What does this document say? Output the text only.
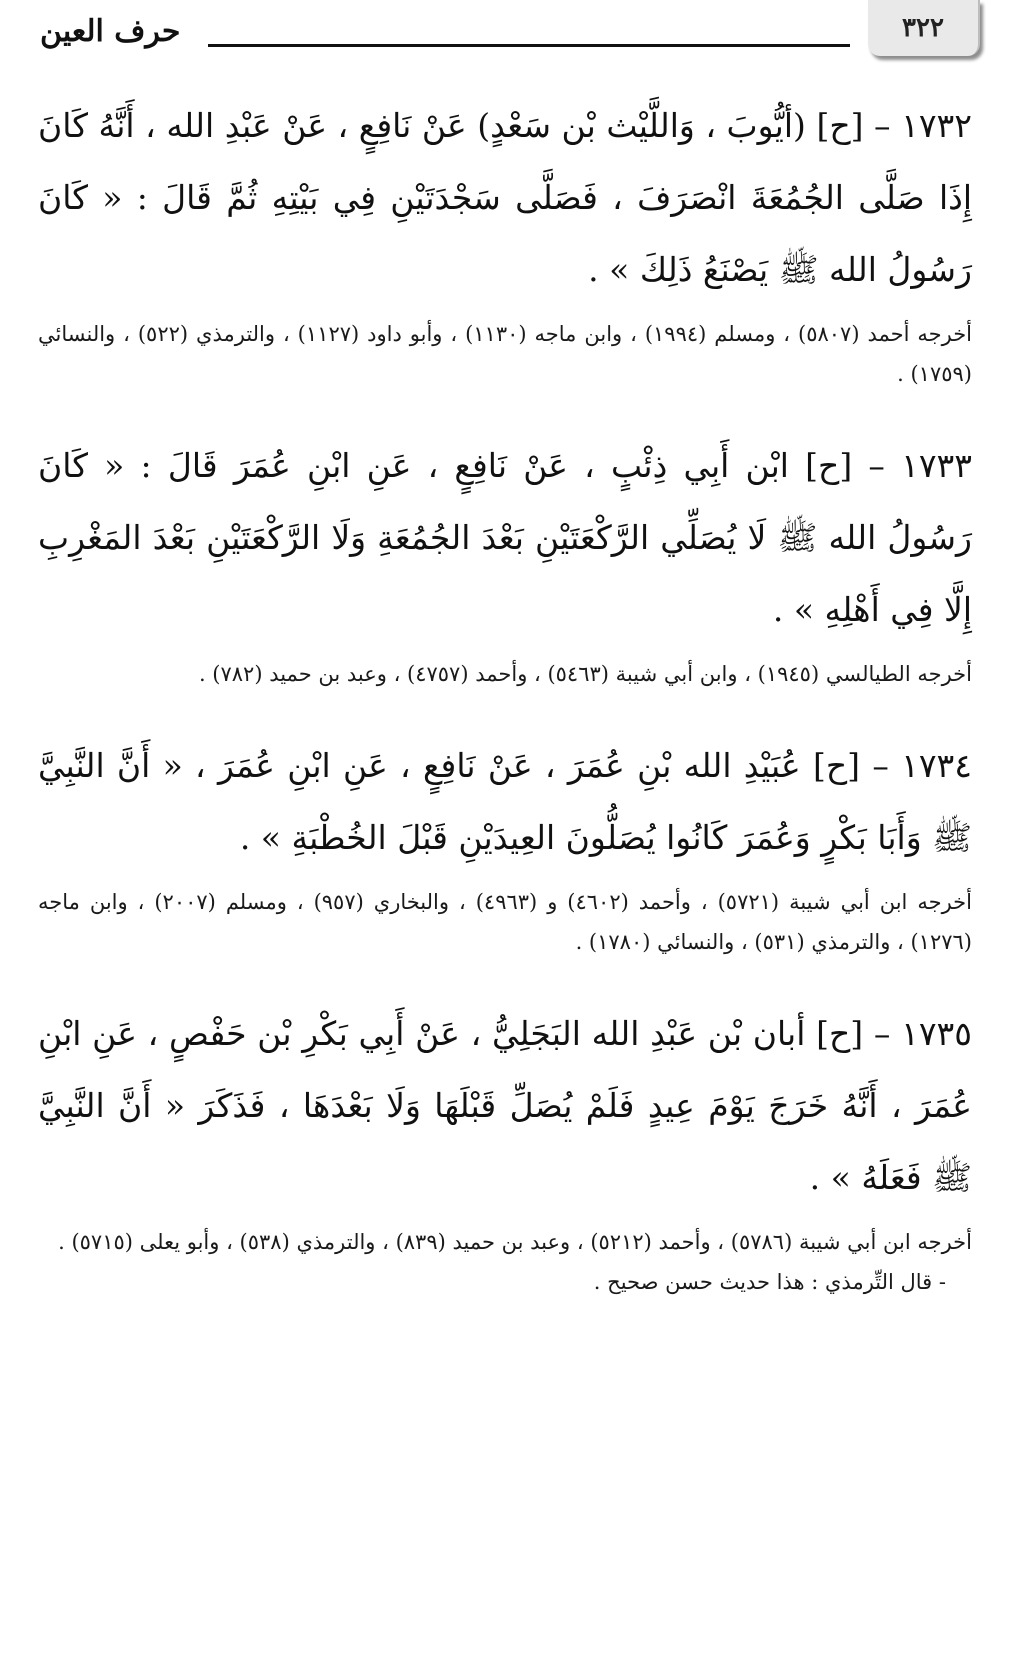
٣٢٢
حرف العين

١٧٣٢ – [ح] (أيُّوبَ ، وَاللَّيْث بْن سَعْدٍ) عَنْ نَافِعٍ ، عَنْ عَبْدِ الله ، أَنَّهُ كَانَ إِذَا صَلَّى الجُمُعَةَ انْصَرَفَ ، فَصَلَّى سَجْدَتَيْنِ فِي بَيْتِهِ ثُمَّ قَالَ : « كَانَ رَسُولُ الله ﷺ يَصْنَعُ ذَلِكَ » .

أخرجه أحمد (٥٨٠٧) ، ومسلم (١٩٩٤) ، وابن ماجه (١١٣٠) ، وأبو داود (١١٢٧) ، والترمذي (٥٢٢) ، والنسائي (١٧٥٩) .

١٧٣٣ – [ح] ابْن أَبِي ذِئْبٍ ، عَنْ نَافِعٍ ، عَنِ ابْنِ عُمَرَ قَالَ : « كَانَ رَسُولُ الله ﷺ لَا يُصَلِّي الرَّكْعَتَيْنِ بَعْدَ الجُمُعَةِ وَلَا الرَّكْعَتَيْنِ بَعْدَ المَغْرِبِ إِلَّا فِي أَهْلِهِ » .

أخرجه الطيالسي (١٩٤٥) ، وابن أبي شيبة (٥٤٦٣) ، وأحمد (٤٧٥٧) ، وعبد بن حميد (٧٨٢) .

١٧٣٤ – [ح] عُبَيْدِ الله بْنِ عُمَرَ ، عَنْ نَافِعٍ ، عَنِ ابْنِ عُمَرَ ، « أَنَّ النَّبِيَّ ﷺ وَأَبَا بَكْرٍ وَعُمَرَ كَانُوا يُصَلُّونَ العِيدَيْنِ قَبْلَ الخُطْبَةِ » .

أخرجه ابن أبي شيبة (٥٧٢١) ، وأحمد (٤٦٠٢) و (٤٩٦٣) ، والبخاري (٩٥٧) ، ومسلم (٢٠٠٧) ، وابن ماجه (١٢٧٦) ، والترمذي (٥٣١) ، والنسائي (١٧٨٠) .

١٧٣٥ – [ح] أبان بْن عَبْدِ الله البَجَلِيُّ ، عَنْ أَبِي بَكْرِ بْن حَفْصٍ ، عَنِ ابْنِ عُمَرَ ، أَنَّهُ خَرَجَ يَوْمَ عِيدٍ فَلَمْ يُصَلِّ قَبْلَهَا وَلَا بَعْدَهَا ، فَذَكَرَ « أَنَّ النَّبِيَّ ﷺ فَعَلَهُ » .

أخرجه ابن أبي شيبة (٥٧٨٦) ، وأحمد (٥٢١٢) ، وعبد بن حميد (٨٣٩) ، والترمذي (٥٣٨) ، وأبو يعلى (٥٧١٥) .

- قال التِّرمذي : هذا حديث حسن صحيح .
